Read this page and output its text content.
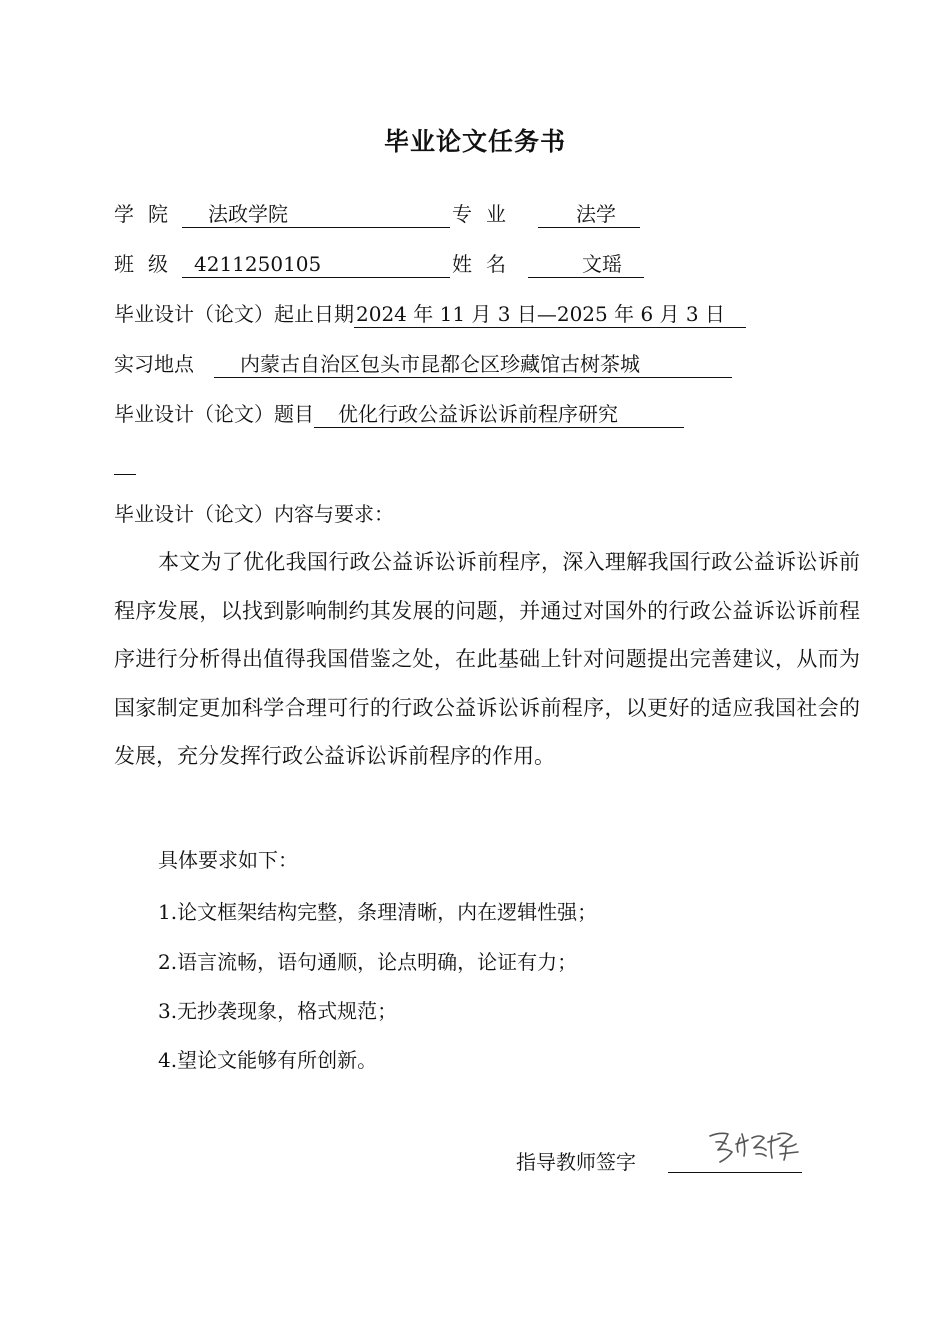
毕业论文任务书
学院 法政学院	专业	法学
班级 4211250105	姓名	文瑶
毕业设计（论文）起止日期 2024 年 11 月 3 日—2025 年 6 月 3 日
实习地点 内蒙古自治区包头市昆都仑区珍藏馆古树茶城
毕业设计（论文）题目 优化行政公益诉讼诉前程序研究
毕业设计（论文）内容与要求：

本文为了优化我国行政公益诉讼诉前程序，深入理解我国行政公益诉讼诉前程序发展，以找到影响制约其发展的问题，并通过对国外的行政公益诉讼诉前程序进行分析得出值得我国借鉴之处，在此基础上针对问题提出完善建议，从而为国家制定更加科学合理可行的行政公益诉讼诉前程序，以更好的适应我国社会的发展，充分发挥行政公益诉讼诉前程序的作用。

具体要求如下：
1.论文框架结构完整，条理清晰，内在逻辑性强；
2.语言流畅，语句通顺，论点明确，论证有力；
3.无抄袭现象，格式规范；
4.望论文能够有所创新。
指导教师签字
